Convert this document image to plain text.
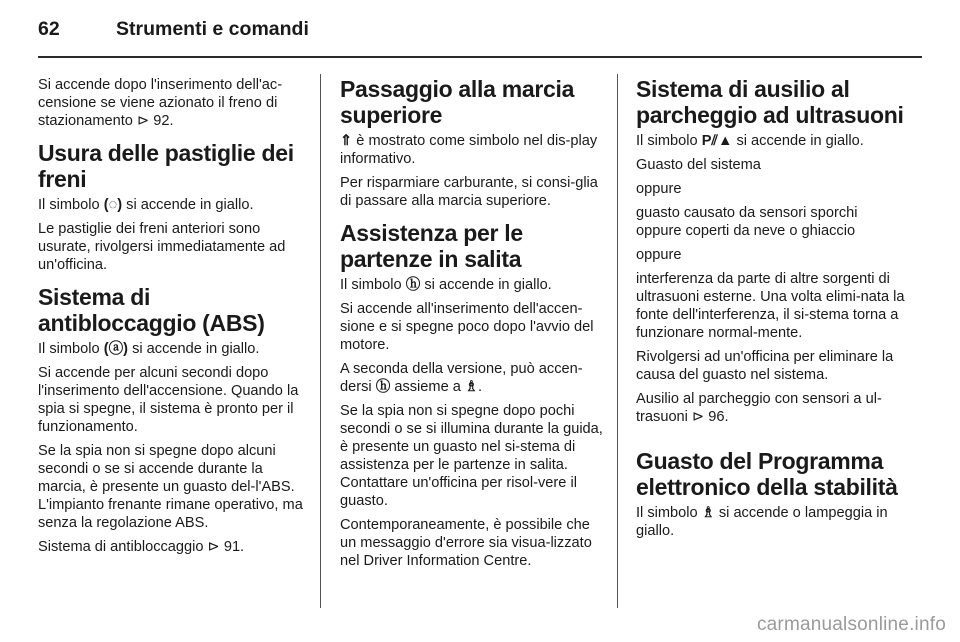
62	Strumenti e comandi

Si accende dopo l'inserimento dell'ac-censione se viene azionato il freno di stazionamento ⊳ 92.

Usura delle pastiglie dei freni

Il simbolo (◌) si accende in giallo.

Le pastiglie dei freni anteriori sono usurate, rivolgersi immediatamente ad un'officina.

Sistema di antibloccaggio (ABS)

Il simbolo (ⓐ) si accende in giallo.

Si accende per alcuni secondi dopo l'inserimento dell'accensione. Quando la spia si spegne, il sistema è pronto per il funzionamento.

Se la spia non si spegne dopo alcuni secondi o se si accende durante la marcia, è presente un guasto del-l'ABS. L'impianto frenante rimane operativo, ma senza la regolazione ABS.

Sistema di antibloccaggio ⊳ 91.

Passaggio alla marcia superiore

⇑ è mostrato come simbolo nel dis-play informativo.

Per risparmiare carburante, si consi-glia di passare alla marcia superiore.

Assistenza per le partenze in salita

Il simbolo ⓗ si accende in giallo.

Si accende all'inserimento dell'accen-sione e si spegne poco dopo l'avvio del motore.

A seconda della versione, può accen-dersi ⓗ assieme a ♗.

Se la spia non si spegne dopo pochi secondi o se si illumina durante la guida, è presente un guasto nel si-stema di assistenza per le partenze in salita. Contattare un'officina per risol-vere il guasto.

Contemporaneamente, è possibile che un messaggio d'errore sia visua-lizzato nel Driver Information Centre.

Sistema di ausilio al parcheggio ad ultrasuoni

Il simbolo P⫽▲ si accende in giallo.

Guasto del sistema

oppure

guasto causato da sensori sporchi oppure coperti da neve o ghiaccio

oppure

interferenza da parte di altre sorgenti di ultrasuoni esterne. Una volta elimi-nata la fonte dell'interferenza, il si-stema torna a funzionare normal-mente.

Rivolgersi ad un'officina per eliminare la causa del guasto nel sistema.

Ausilio al parcheggio con sensori a ul-trasuoni ⊳ 96.

Guasto del Programma elettronico della stabilità

Il simbolo ♗ si accende o lampeggia in giallo.

carmanualsonline.info
